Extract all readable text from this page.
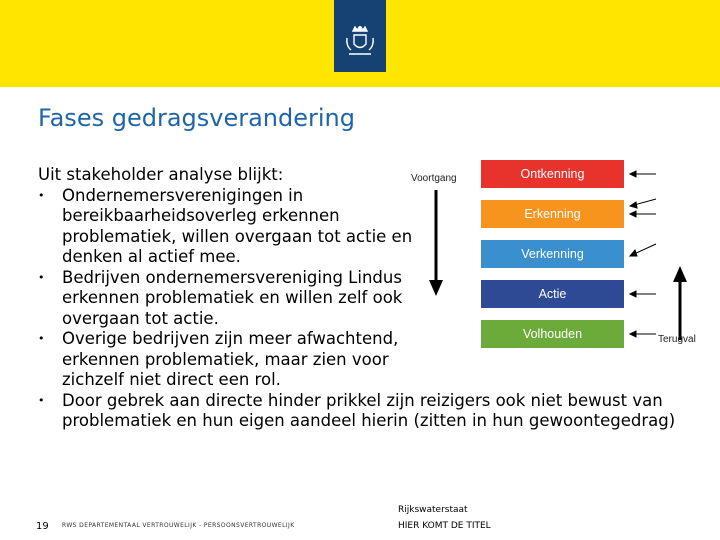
Fases gedragsverandering

Uit stakeholder analyse blijkt:

• Ondernemersverenigingen in bereikbaarheidsoverleg erkennen problematiek, willen overgaan tot actie en denken al actief mee.
• Bedrijven ondernemersvereniging Lindus erkennen problematiek en willen zelf ook overgaan tot actie.
• Overige bedrijven zijn meer afwachtend, erkennen problematiek, maar zien voor zichzelf niet direct een rol.
• Door gebrek aan directe hinder prikkel zijn reizigers ook niet bewust van problematiek en hun eigen aandeel hierin (zitten in hun gewoontegedrag)
Voortgang	Ontkenning
Erkenning
Verkenning
Actie
Volhouden	Terugval
19 RWS DEPARTEMENTAAL VERTROUWELIJK - PERSOONSVERTROUWELIJK
Rijkswaterstaat
HIER KOMT DE TITEL
